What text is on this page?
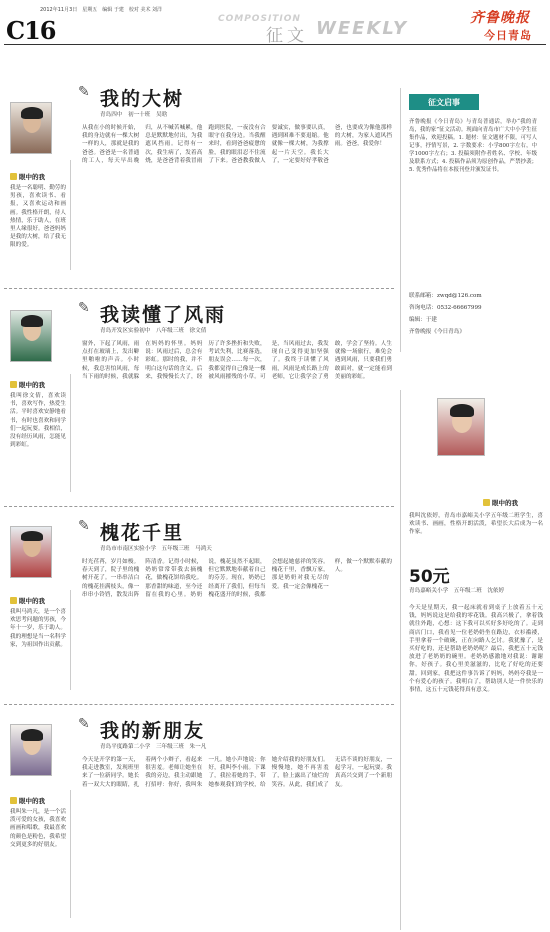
C16
2012年11月3日　星期五　编辑 于建　校对 美术 刘洋
COMPOSITION
征文 WEEKLY	齐鲁晚报
今日青岛
征文启事
齐鲁晚报《今日青岛》与青岛普通话，举办“我的青岛，我的家”征文活动。现面向青岛市广大中小学生征集作品，欢迎投稿。1. 题材：征文题材不限，可写人记事，抒情写景，2. 字数要求：小学800字左右，中学1000字左右；3. 投稿须附作者姓名、学校、年级及联系方式；4. 投稿作品须为原创作品，严禁抄袭；5. 优秀作品将在本报刊登并颁发证书。
联系邮箱：zwqd@126.com
咨询电话：0532-66667999
编辑：于建
齐鲁晚报《今日青岛》
眼中的我
我是一名聪明、勤劳的男孩，喜欢读书、看报，又喜欢运动和画画。我性格开朗，待人热情，乐于助人，在班里人缘很好。爸爸妈妈是我的大树，给了我无限的爱。
✎ 我的大树
青岛四中　初一十班　吴晗
从我在小的时候开始，我的身边就有一棵大树一样的人，那就是我的爸爸。爸爸是一名普通的工人，每天早出晚归，从不喊苦喊累，他总是默默地付出，为我遮风挡雨。记得有一次，我生病了，发着高烧，是爸爸背着我冒雨跑到医院，一夜没有合眼守在我身边。当我醒来时，看到爸爸疲惫的脸，我的眼泪忍不住流了下来。爸爸教我做人要诚实，做事要认真，遇到困难不要退缩。他就像一棵大树，为我撑起一片天空。我长大了，一定要好好孝敬爸爸，也要成为像他那样的大树，为家人遮风挡雨。爸爸，我爱你！
眼中的我
我叫徐文倩，喜欢读书，喜欢写作，热爱生活。平时喜欢安静地看书，有时也喜欢和同学们一起玩耍。我相信，没有经历风雨，怎能见到彩虹。
✎ 我读懂了风雨
青岛开发区实验初中　八年级三班　徐文倩
窗外，下起了风雨，雨点打在玻璃上，发出噼里啪啦的声音。小时候，我总害怕风雨，每当下雨的时候，我就躲在妈妈的怀里。妈妈说：风雨过后，总会有彩虹。那时的我，并不明白这句话的含义。后来，我慢慢长大了，经历了许多挫折和失败，考试失利，比赛落选，朋友误会……每一次，我都觉得自己像是一棵被风雨摧残的小草。可是，当风雨过去，我发现自己变得更加坚强了。我终于读懂了风雨，风雨是成长路上的老师，它让我学会了勇敢，学会了坚持。人生就像一场旅行，难免会遇到风雨，只要我们勇敢面对，就一定能看到美丽的彩虹。
眼中的我
我叫沈依婷，青岛市嘉峪关小学五年级二班学生，喜欢读书、画画，性格开朗活泼，希望长大后成为一名作家。
50元
青岛嘉峪关小学　五年级二班　沈依婷
今天是星期天，我一起床就看到桌子上放着五十元钱，妈妈说这是给我的零花钱。我高兴极了，拿着钱就往外跑，心想：这下我可以买好多好吃的了。走到商店门口，我看见一位老奶奶坐在路边，衣衫褴褛，手里拿着一个破碗，正在向路人乞讨。我犹豫了，是买好吃的，还是帮助老奶奶呢？最后，我把五十元钱放进了老奶奶的碗里。老奶奶感激地对我说：谢谢你，好孩子。我心里美滋滋的，比吃了好吃的还要甜。回到家，我把这件事告诉了妈妈，妈妈夸我是一个有爱心的孩子。我明白了，帮助别人是一件快乐的事情，这五十元钱花得真有意义。
眼中的我
我叫马鸿天，是一个喜欢思考问题的男孩，今年十一岁，乐于助人。我的理想是当一名科学家，为祖国作出贡献。
✎ 槐花千里
青岛市市南区实验小学　五年级三班　马鸿天
时光荏苒，岁月如梭。春天到了，院子里的槐树开花了。一串串洁白的槐花挂满枝头，像一串串小铃铛，散发出阵阵清香。记得小时候，奶奶常常带我去摘槐花，做槐花饼给我吃。那香甜的味道，至今还留在我的心里。奶奶说，槐花虽然不起眼，但它默默地奉献着自己的芬芳。现在，奶奶已经离开了我们，但每当槐花盛开的时候，我都会想起她慈祥的笑容。槐花千里，香飘万家，那是奶奶对我无尽的爱。我一定会像槐花一样，做一个默默奉献的人。
眼中的我
我叫朱一凡，是一个活泼可爱的女孩，我喜欢画画和唱歌，我最喜欢的颜色是粉色，我希望交到更多的好朋友。
✎ 我的新朋友
青岛平度路第二小学　三年级三班　朱一凡
今天是开学的第一天，我走进教室，发现班里来了一位新同学。她长着一双大大的眼睛，扎着两个小辫子，看起来很害羞。老师让她坐在我的旁边，我主动跟她打招呼：你好，我叫朱一凡。她小声地说：你好，我叫李小雨。下课了，我拉着她的手，带她参观我们的学校，给她介绍我的好朋友们。慢慢地，她不再害羞了，脸上露出了灿烂的笑容。从此，我们成了无话不谈的好朋友，一起学习，一起玩耍。我真高兴交到了一个新朋友。
